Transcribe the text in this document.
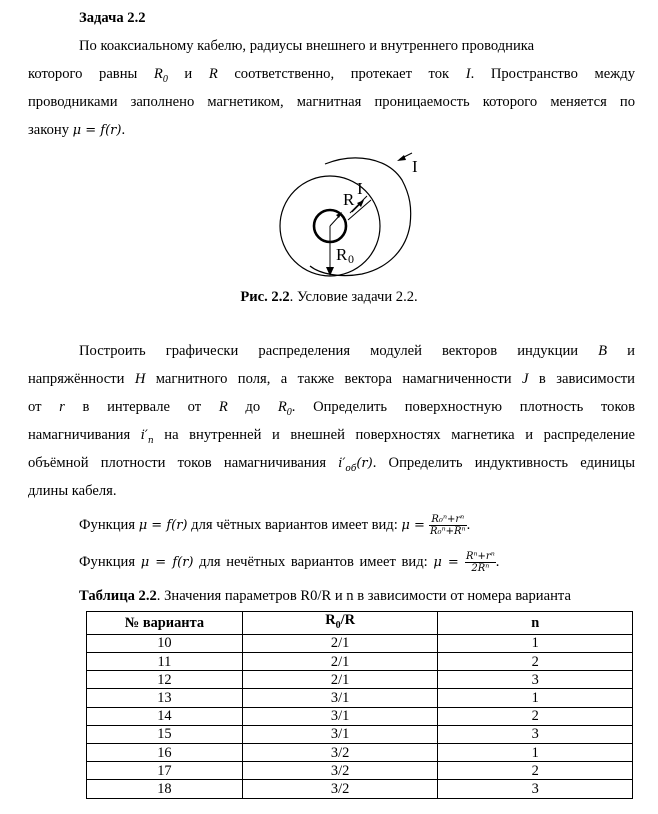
Задача 2.2
По коаксиальному кабелю, радиусы внешнего и внутреннего проводника
которого равны $R_0$ и R соответственно, протекает ток I. Пространство между
проводниками заполнено магнетиком, магнитная проницаемость которого меняется по
закону μ = f(r).
I
R
I
R 0
Рис. 2.2. Условие задачи 2.2.
Построить графически распределения модулей векторов индукции B и
напряжённости H магнитного поля, а также вектора намагниченности J в зависимости
от r в интервале от R до $R_0$. Определить поверхностную плотность токов
намагничивания $i'_п$ на внутренней и внешней поверхностях магнетика и распределение
объёмной плотности токов намагничивания $i'_{об}(r)$. Определить индуктивность единицы
длины кабеля.
Функция μ = f(r) для чётных вариантов имеет вид: $\mu = \frac{\text{R₀ⁿ+rⁿ}}{\text{R₀ⁿ+Rⁿ}}$ .
Функция μ = f(r) для нечётных вариантов имеет вид: $\mu = \frac{\text{Rⁿ+rⁿ}}{\text{2Rⁿ}}$ .
Таблица 2.2. Значения параметров R0/R и n в зависимости от номера варианта
№ варианта	$R_0/R$	n
10	2/1	1
11	2/1	2
12	2/1	3
13	3/1	1
14	3/1	2
15	3/1	3
16	3/2	1
17	3/2	2
18	3/2	3
